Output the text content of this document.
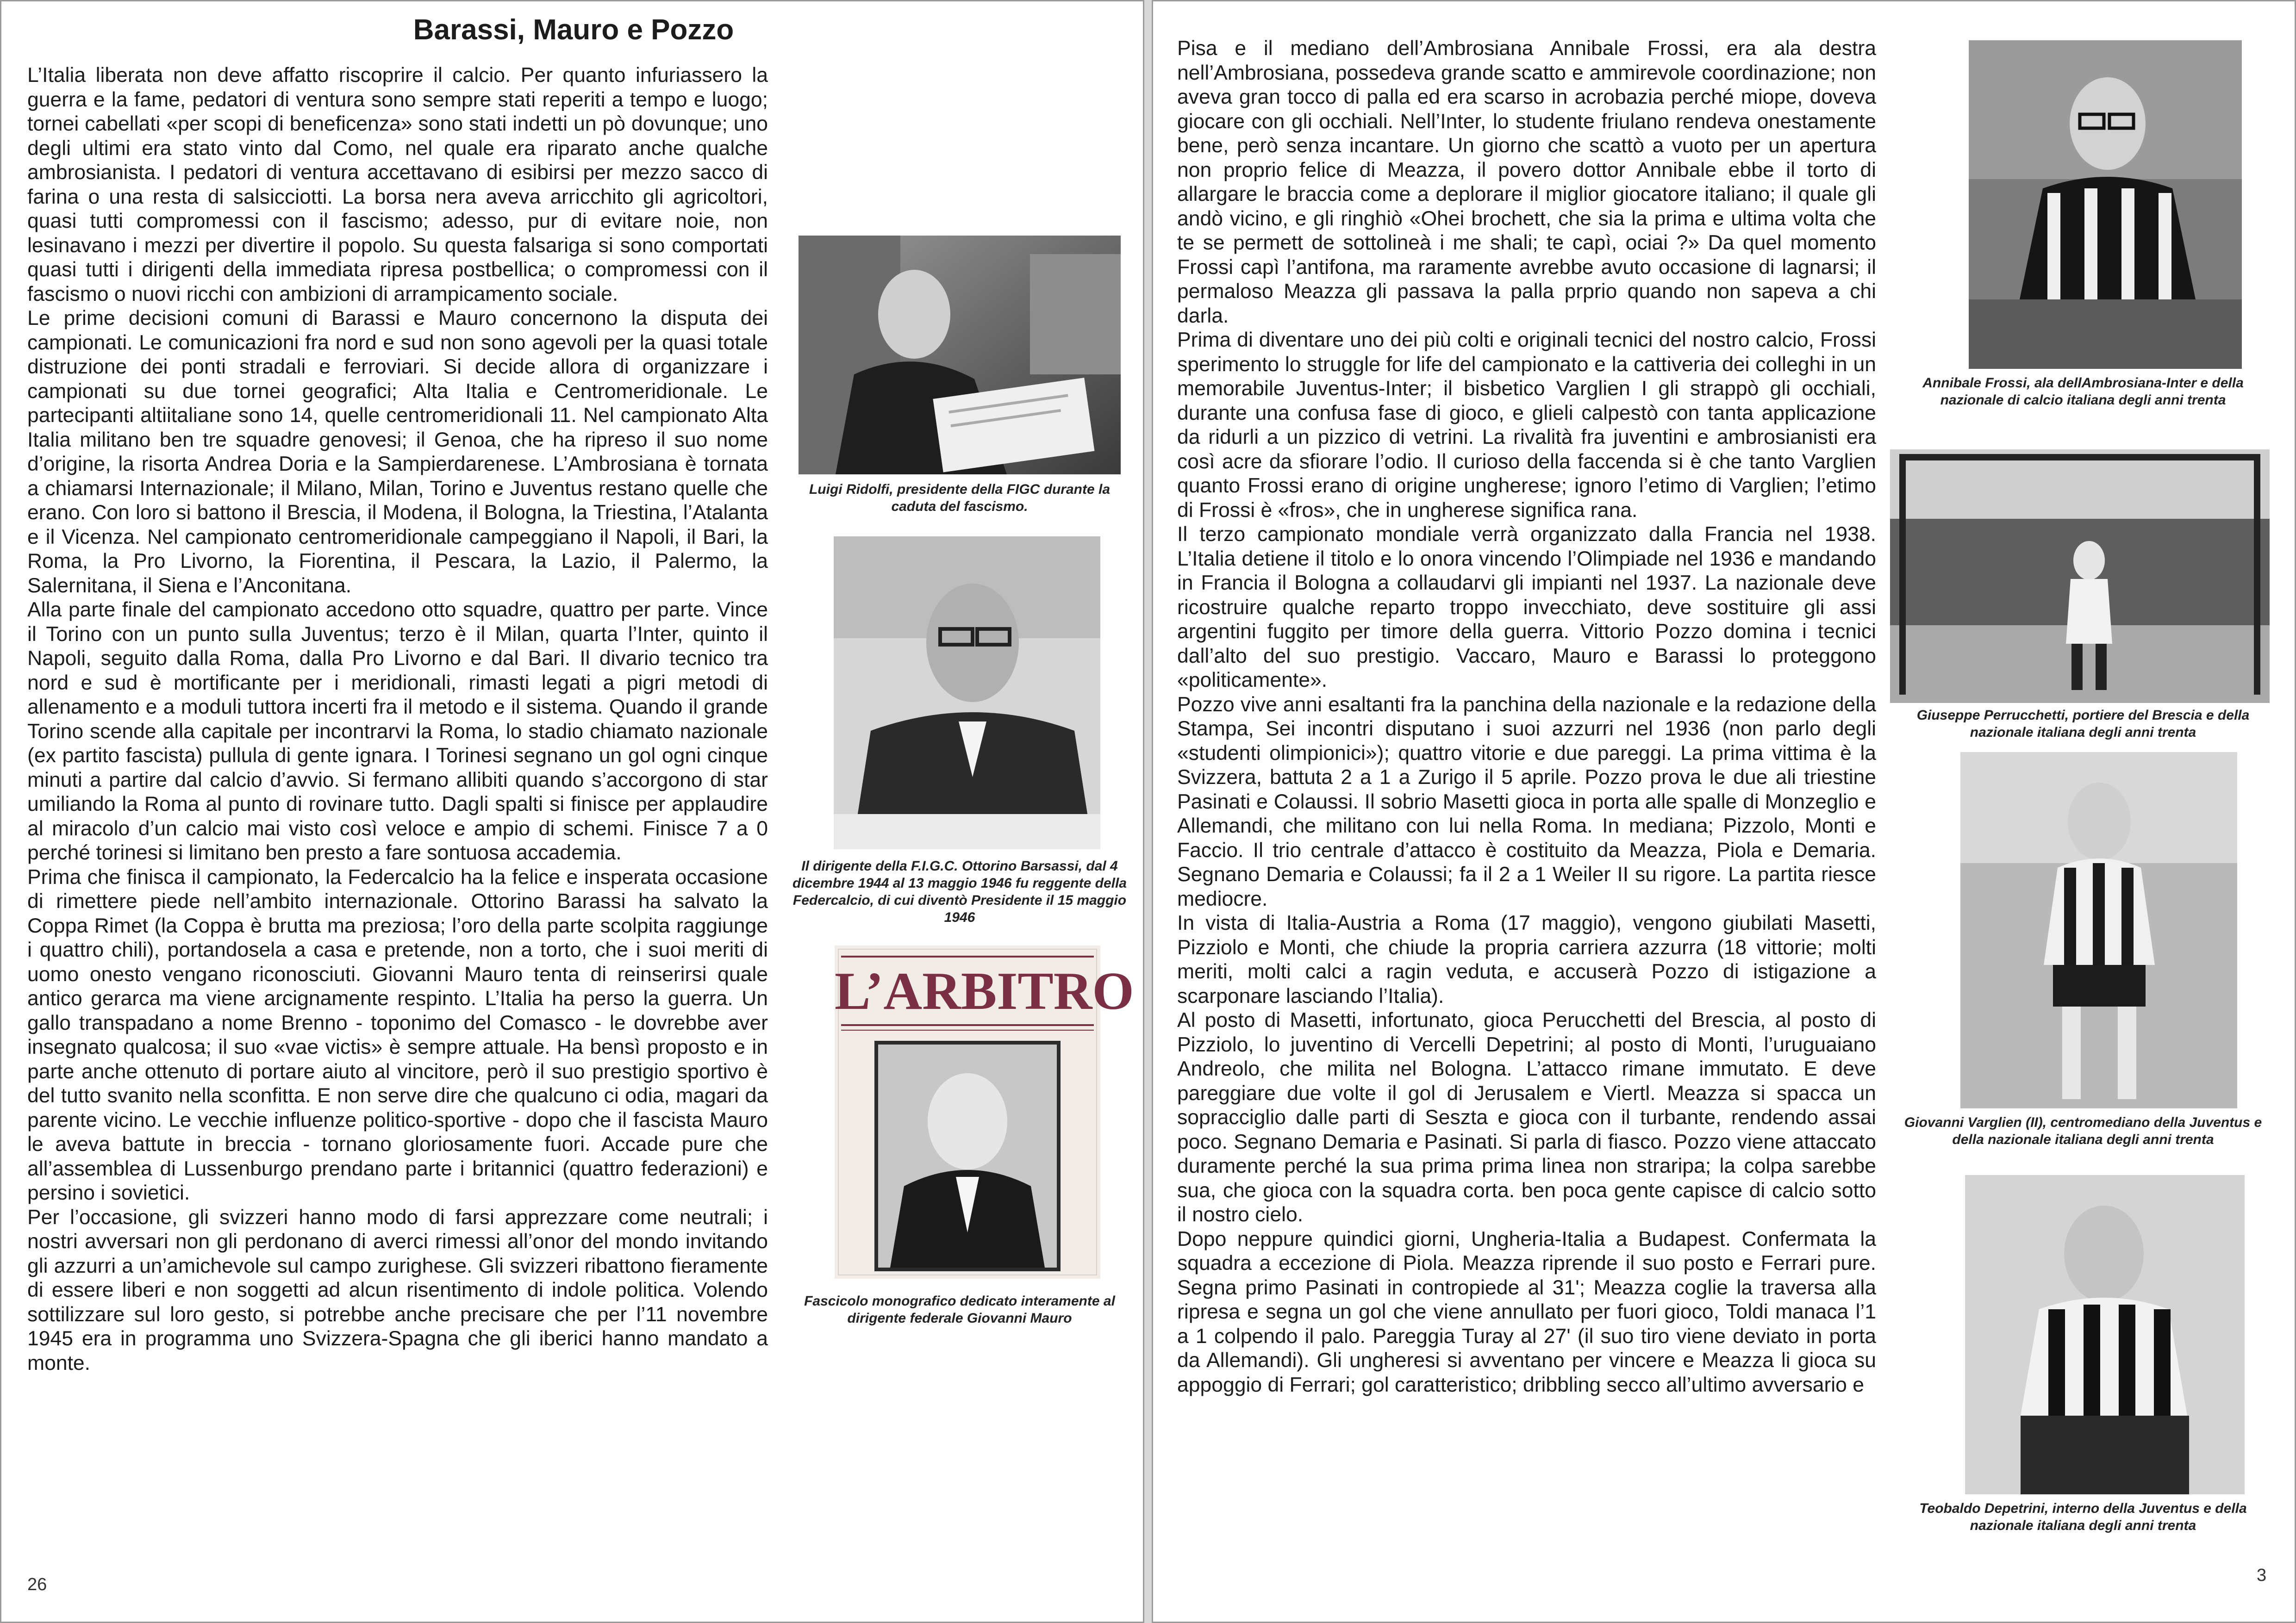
Barassi, Mauro e Pozzo

L’Italia liberata non deve affatto riscoprire il calcio. Per quanto infuriassero la guerra e la fame, pedatori di ventura sono sempre stati reperiti a tempo e luogo; tornei cabellati «per scopi di beneficenza» sono stati indetti un pò dovunque; uno degli ultimi era stato vinto dal Como, nel quale era riparato anche qualche ambrosianista. I pedatori di ventura accettavano di esibirsi per mezzo sacco di farina o una resta di salsicciotti. La borsa nera aveva arricchito gli agricoltori, quasi tutti compromessi con il fascismo; adesso, pur di evitare noie, non lesinavano i mezzi per divertire il popolo. Su questa falsariga si sono comportati quasi tutti i dirigenti della immediata ripresa postbellica; o compromessi con il fascismo o nuovi ricchi con ambizioni di arrampicamento sociale.

Le prime decisioni comuni di Barassi e Mauro concernono la disputa dei campionati. Le comunicazioni fra nord e sud non sono agevoli per la quasi totale distruzione dei ponti stradali e ferroviari. Si decide allora di organizzare i campionati su due tornei geografici; Alta Italia e Centromeridionale. Le partecipanti altiitaliane sono 14, quelle centromeridionali 11. Nel campionato Alta Italia militano ben tre squadre genovesi; il Genoa, che ha ripreso il suo nome d’origine, la risorta Andrea Doria e la Sampierdarenese. L’Ambrosiana è tornata a chiamarsi Internazionale; il Milano, Milan, Torino e Juventus restano quelle che erano. Con loro si battono il Brescia, il Modena, il Bologna, la Triestina, l’Atalanta e il Vicenza. Nel campionato centromeridionale campeggiano il Napoli, il Bari, la Roma, la Pro Livorno, la Fiorentina, il Pescara, la Lazio, il Palermo, la Salernitana, il Siena e l’Anconitana.

Alla parte finale del campionato accedono otto squadre, quattro per parte. Vince il Torino con un punto sulla Juventus; terzo è il Milan, quarta l’Inter, quinto il Napoli, seguito dalla Roma, dalla Pro Livorno e dal Bari. Il divario tecnico tra nord e sud è mortificante per i meridionali, rimasti legati a pigri metodi di allenamento e a moduli tuttora incerti fra il metodo e il sistema. Quando il grande Torino scende alla capitale per incontrarvi la Roma, lo stadio chiamato nazionale (ex partito fascista) pullula di gente ignara. I Torinesi segnano un gol ogni cinque minuti a partire dal calcio d’avvio. Si fermano allibiti quando s’accorgono di star umiliando la Roma al punto di rovinare tutto. Dagli spalti si finisce per applaudire al miracolo d’un calcio mai visto così veloce e ampio di schemi. Finisce 7 a 0 perché torinesi si limitano ben presto a fare sontuosa accademia.

Prima che finisca il campionato, la Federcalcio ha la felice e insperata occasione di rimettere piede nell’ambito internazionale. Ottorino Barassi ha salvato la Coppa Rimet (la Coppa è brutta ma preziosa; l’oro della parte scolpita raggiunge i quattro chili), portandosela a casa e pretende, non a torto, che i suoi meriti di uomo onesto vengano riconosciuti. Giovanni Mauro tenta di reinserirsi quale antico gerarca ma viene arcignamente respinto. L’Italia ha perso la guerra. Un gallo transpadano a nome Brenno - toponimo del Comasco - le dovrebbe aver insegnato qualcosa; il suo «vae victis» è sempre attuale. Ha bensì proposto e in parte anche ottenuto di portare aiuto al vincitore, però il suo prestigio sportivo è del tutto svanito nella sconfitta. E non serve dire che qualcuno ci odia, magari da parente vicino. Le vecchie influenze politico-sportive - dopo che il fascista Mauro le aveva battute in breccia - tornano gloriosamente fuori. Accade pure che all’assemblea di Lussenburgo prendano parte i britannici (quattro federazioni) e persino i sovietici.

Per l’occasione, gli svizzeri hanno modo di farsi apprezzare come neutrali; i nostri avversari non gli perdonano di averci rimessi all’onor del mondo invitando gli azzurri a un’amichevole sul campo zurighese. Gli svizzeri ribattono fieramente di essere liberi e non soggetti ad alcun risentimento di indole politica. Volendo sottilizzare sul loro gesto, si potrebbe anche precisare che per l’11 novembre 1945 era in programma uno Svizzera-Spagna che gli iberici hanno mandato a monte.

Luigi Ridolfi, presidente della FIGC durante la caduta del fascismo.
Il dirigente della F.I.G.C. Ottorino Barsassi, dal 4 dicembre 1944 al 13 maggio 1946 fu reggente della Federcalcio, di cui diventò Presidente il 15 maggio 1946
L’ARBITRO
Fascicolo monografico dedicato interamente al dirigente federale Giovanni Mauro
26

Pisa e il mediano dell’Ambrosiana Annibale Frossi, era ala destra nell’Ambrosiana, possedeva grande scatto e ammirevole coordinazione; non aveva gran tocco di palla ed era scarso in acrobazia perché miope, doveva giocare con gli occhiali. Nell’Inter, lo studente friulano rendeva onestamente bene, però senza incantare. Un giorno che scattò a vuoto per un apertura non proprio felice di Meazza, il povero dottor Annibale ebbe il torto di allargare le braccia come a deplorare il miglior giocatore italiano; il quale gli andò vicino, e gli ringhiò «Ohei brochett, che sia la prima e ultima volta che te se permett de sottolineà i me shali; te capì, ociai ?» Da quel momento Frossi capì l’antifona, ma raramente avrebbe avuto occasione di lagnarsi; il permaloso Meazza gli passava la palla prprio quando non sapeva a chi darla.

Prima di diventare uno dei più colti e originali tecnici del nostro calcio, Frossi sperimento lo struggle for life del campionato e la cattiveria dei colleghi in un memorabile Juventus-Inter; il bisbetico Varglien I gli strappò gli occhiali, durante una confusa fase di gioco, e glieli calpestò con tanta applicazione da ridurli a un pizzico di vetrini. La rivalità fra juventini e ambrosianisti era così acre da sfiorare l’odio. Il curioso della faccenda si è che tanto Varglien quanto Frossi erano di origine ungherese; ignoro l’etimo di Varglien; l’etimo di Frossi è «fros», che in ungherese significa rana.

Il terzo campionato mondiale verrà organizzato dalla Francia nel 1938. L’Italia detiene il titolo e lo onora vincendo l’Olimpiade nel 1936 e mandando in Francia il Bologna a collaudarvi gli impianti nel 1937. La nazionale deve ricostruire qualche reparto troppo invecchiato, deve sostituire gli assi argentini fuggito per timore della guerra. Vittorio Pozzo domina i tecnici dall’alto del suo prestigio. Vaccaro, Mauro e Barassi lo proteggono «politicamente».

Pozzo vive anni esaltanti fra la panchina della nazionale e la redazione della Stampa, Sei incontri disputano i suoi azzurri nel 1936 (non parlo degli «studenti olimpionici»); quattro vitorie e due pareggi. La prima vittima è la Svizzera, battuta 2 a 1 a Zurigo il 5 aprile. Pozzo prova le due ali triestine Pasinati e Colaussi. Il sobrio Masetti gioca in porta alle spalle di Monzeglio e Allemandi, che militano con lui nella Roma. In mediana; Pizzolo, Monti e Faccio. Il trio centrale d’attacco è costituito da Meazza, Piola e Demaria. Segnano Demaria e Colaussi; fa il 2 a 1 Weiler II su rigore. La partita riesce mediocre.

In vista di Italia-Austria a Roma (17 maggio), vengono giubilati Masetti, Pizziolo e Monti, che chiude la propria carriera azzurra (18 vittorie; molti meriti, molti calci a ragin veduta, e accuserà Pozzo di istigazione a scarponare lasciando l’Italia).

Al posto di Masetti, infortunato, gioca Perucchetti del Brescia, al posto di Pizziolo, lo juventino di Vercelli Depetrini; al posto di Monti, l’uruguaiano Andreolo, che milita nel Bologna. L’attacco rimane immutato. E deve pareggiare due volte il gol di Jerusalem e Viertl. Meazza si spacca un sopracciglio dalle parti di Seszta e gioca con il turbante, rendendo assai poco. Segnano Demaria e Pasinati. Si parla di fiasco. Pozzo viene attaccato duramente perché la sua prima prima linea non straripa; la colpa sarebbe sua, che gioca con la squadra corta. ben poca gente capisce di calcio sotto il nostro cielo.

Dopo neppure quindici giorni, Ungheria-Italia a Budapest. Confermata la squadra a eccezione di Piola. Meazza riprende il suo posto e Ferrari pure. Segna primo Pasinati in contropiede al 31'; Meazza coglie la traversa alla ripresa e segna un gol che viene annullato per fuori gioco, Toldi manaca l’1 a 1 colpendo il palo. Pareggia Turay al 27' (il suo tiro viene deviato in porta da Allemandi). Gli ungheresi si avventano per vincere e Meazza li gioca su appoggio di Ferrari; gol caratteristico; dribbling secco all’ultimo avversario e

Annibale Frossi, ala dellAmbrosiana-Inter e della nazionale di calcio italiana degli anni trenta
Giuseppe Perrucchetti, portiere del Brescia e della nazionale italiana degli anni trenta
Giovanni Varglien (II), centromediano della Juventus e della nazionale italiana degli anni trenta
Teobaldo Depetrini, interno della Juventus e della nazionale italiana degli anni trenta
3
